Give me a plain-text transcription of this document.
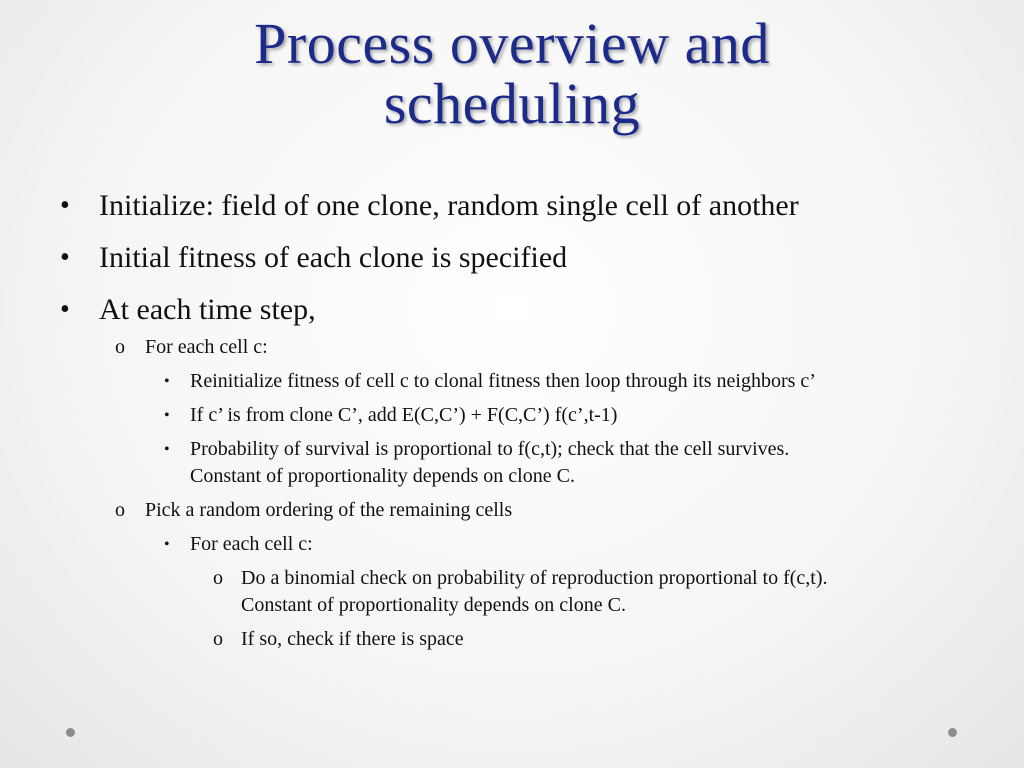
Process overview and
scheduling
• Initialize: field of one clone, random single cell of another
• Initial fitness of each clone is specified
• At each time step,
o For each cell c:
• Reinitialize fitness of cell c to clonal fitness then loop through its neighbors c’
• If c’ is from clone C’, add E(C,C’) + F(C,C’) f(c’,t-1)
• Probability of survival is proportional to f(c,t); check that the cell survives.
Constant of proportionality depends on clone C.
o Pick a random ordering of the remaining cells
• For each cell c:
o Do a binomial check on probability of reproduction proportional to f(c,t).
Constant of proportionality depends on clone C.
o If so, check if there is space
